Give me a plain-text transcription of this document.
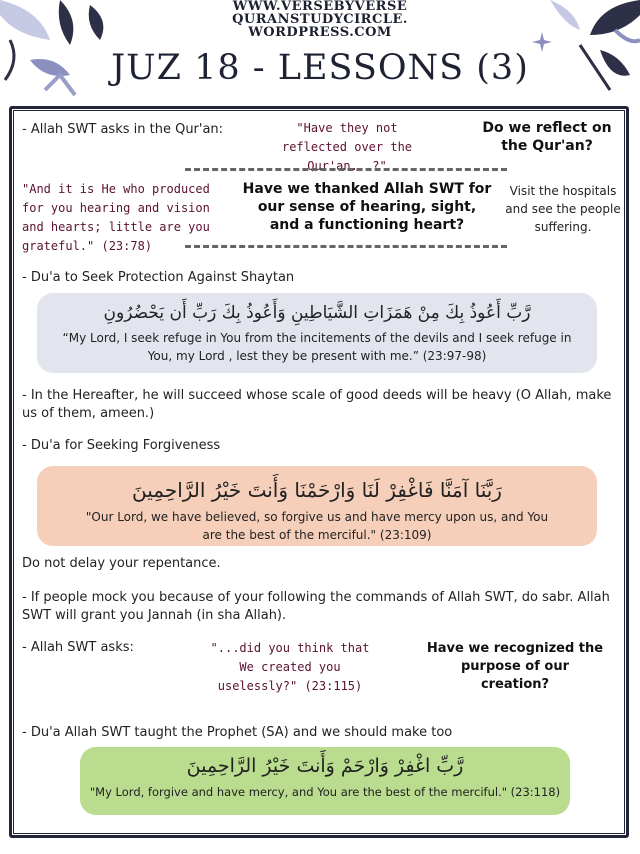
WWW.VERSEBYVERSE
QURANSTUDYCIRCLE.
WORDPRESS.COM
JUZ 18 - LESSONS (3)
- Allah SWT asks in the Qur'an:	"Have they not reflected over the Qur'an...?"
Do we reflect on the Qur'an?
"And it is He who produced for you hearing and vision and hearts; little are you grateful." (23:78)
Have we thanked Allah SWT for our sense of hearing, sight, and a functioning heart?
Visit the hospitals and see the people suffering.
- Du'a to Seek Protection Against Shaytan
رَّبِّ أَعُوذُ بِكَ مِنْ هَمَزَاتِ الشَّيَاطِينِ وَأَعُوذُ بِكَ رَبِّ أَن يَحْضُرُونِ
“My Lord, I seek refuge in You from the incitements of the devils and I seek refuge in You, my Lord , lest they be present with me.” (23:97-98)
- In the Hereafter, he will succeed whose scale of good deeds will be heavy (O Allah, make us of them, ameen.)
- Du'a for Seeking Forgiveness
رَبَّنَا آمَنَّا فَاغْفِرْ لَنَا وَارْحَمْنَا وَأَنتَ خَيْرُ الرَّاحِمِينَ
"Our Lord, we have believed, so forgive us and have mercy upon us, and You are the best of the merciful." (23:109)
Do not delay your repentance.
- If people mock you because of your following the commands of Allah SWT, do sabr. Allah SWT will grant you Jannah (in sha Allah).
- Allah SWT asks:	"...did you think that We created you uselessly?" (23:115)
Have we recognized the purpose of our creation?
- Du'a Allah SWT taught the Prophet (SA) and we should make too
رَّبِّ اغْفِرْ وَارْحَمْ وَأَنتَ خَيْرُ الرَّاحِمِينَ
"My Lord, forgive and have mercy, and You are the best of the merciful." (23:118)
